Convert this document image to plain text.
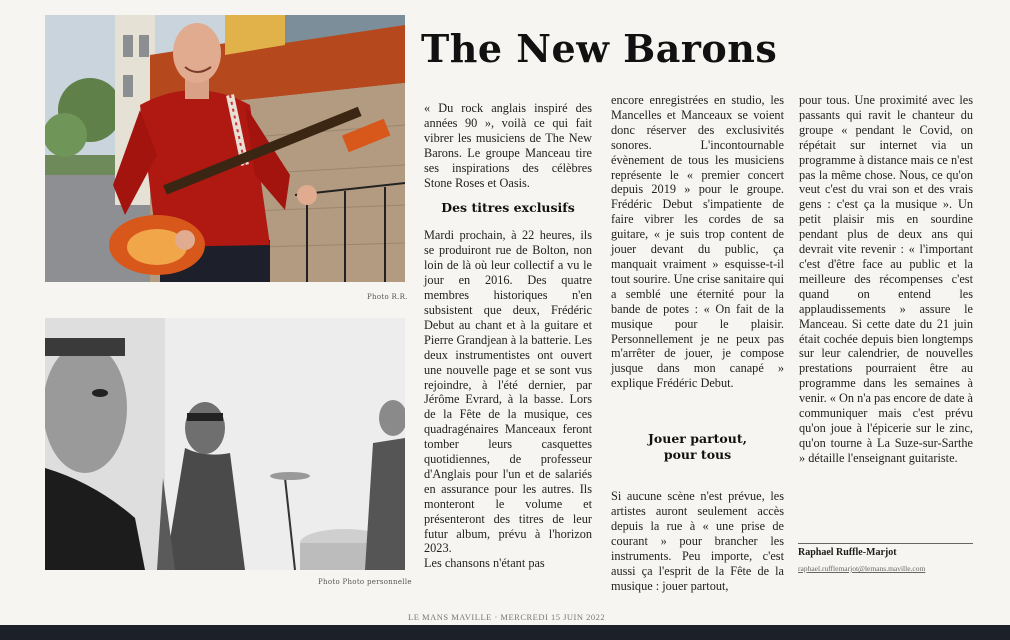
Photo R.R.
Photo Photo personnelle
The New Barons

« Du rock anglais inspiré des années 90 », voilà ce qui fait vibrer les musiciens de The New Barons. Le groupe Manceau tire ses inspirations des célèbres Stone Roses et Oasis.

Des titres exclusifs

Mardi prochain, à 22 heures, ils se produiront rue de Bolton, non loin de là où leur collectif a vu le jour en 2016. Des quatre membres historiques n'en subsistent que deux, Frédéric Debut au chant et à la guitare et Pierre Grandjean à la batterie. Les deux instrumentistes ont ouvert une nouvelle page et se sont vus rejoindre, à l'été dernier, par Jérôme Evrard, à la basse. Lors de la Fête de la musique, ces quadragénaires Manceaux feront tomber leurs casquettes quotidiennes, de professeur d'Anglais pour l'un et de salariés en assurance pour les autres. Ils monteront le volume et présenteront des titres de leur futur album, prévu à l'horizon 2023.

Les chansons n'étant pas

encore enregistrées en studio, les Mancelles et Manceaux se voient donc réserver des exclusivités sonores. L'incontournable évènement de tous les musiciens représente le « premier concert depuis 2019 » pour le groupe. Frédéric Debut s'impatiente de faire vibrer les cordes de sa guitare, « je suis trop content de jouer devant du public, ça manquait vraiment » esquisse-t-il tout sourire. Une crise sanitaire qui a semblé une éternité pour la bande de potes : « On fait de la musique pour le plaisir. Personnellement je ne peux pas m'arrêter de jouer, je compose jusque dans mon canapé » explique Frédéric Debut.

Jouer partout,
pour tous

Si aucune scène n'est prévue, les artistes auront seulement accès depuis la rue à « une prise de courant » pour brancher les instruments. Peu importe, c'est aussi ça l'esprit de la Fête de la musique : jouer partout,

pour tous. Une proximité avec les passants qui ravit le chanteur du groupe « pendant le Covid, on répétait sur internet via un programme à distance mais ce n'est pas la même chose. Nous, ce qu'on veut c'est du vrai son et des vrais gens : c'est ça la musique ». Un petit plaisir mis en sourdine pendant plus de deux ans qui devrait vite revenir : « l'important c'est d'être face au public et la meilleure des récompenses c'est quand on entend les applaudissements » assure le Manceau. Si cette date du 21 juin était cochée depuis bien longtemps sur leur calendrier, de nouvelles prestations pourraient être au programme dans les semaines à venir. « On n'a pas encore de date à communiquer mais c'est prévu qu'on joue à l'épicerie sur le zinc, qu'on tourne à La Suze-sur-Sarthe » détaille l'enseignant guitariste.

Raphael Ruffle-Marjot
raphael.rufflemarjot@lemans.maville.com
LE MANS MAVILLE · MERCREDI 15 JUIN 2022
